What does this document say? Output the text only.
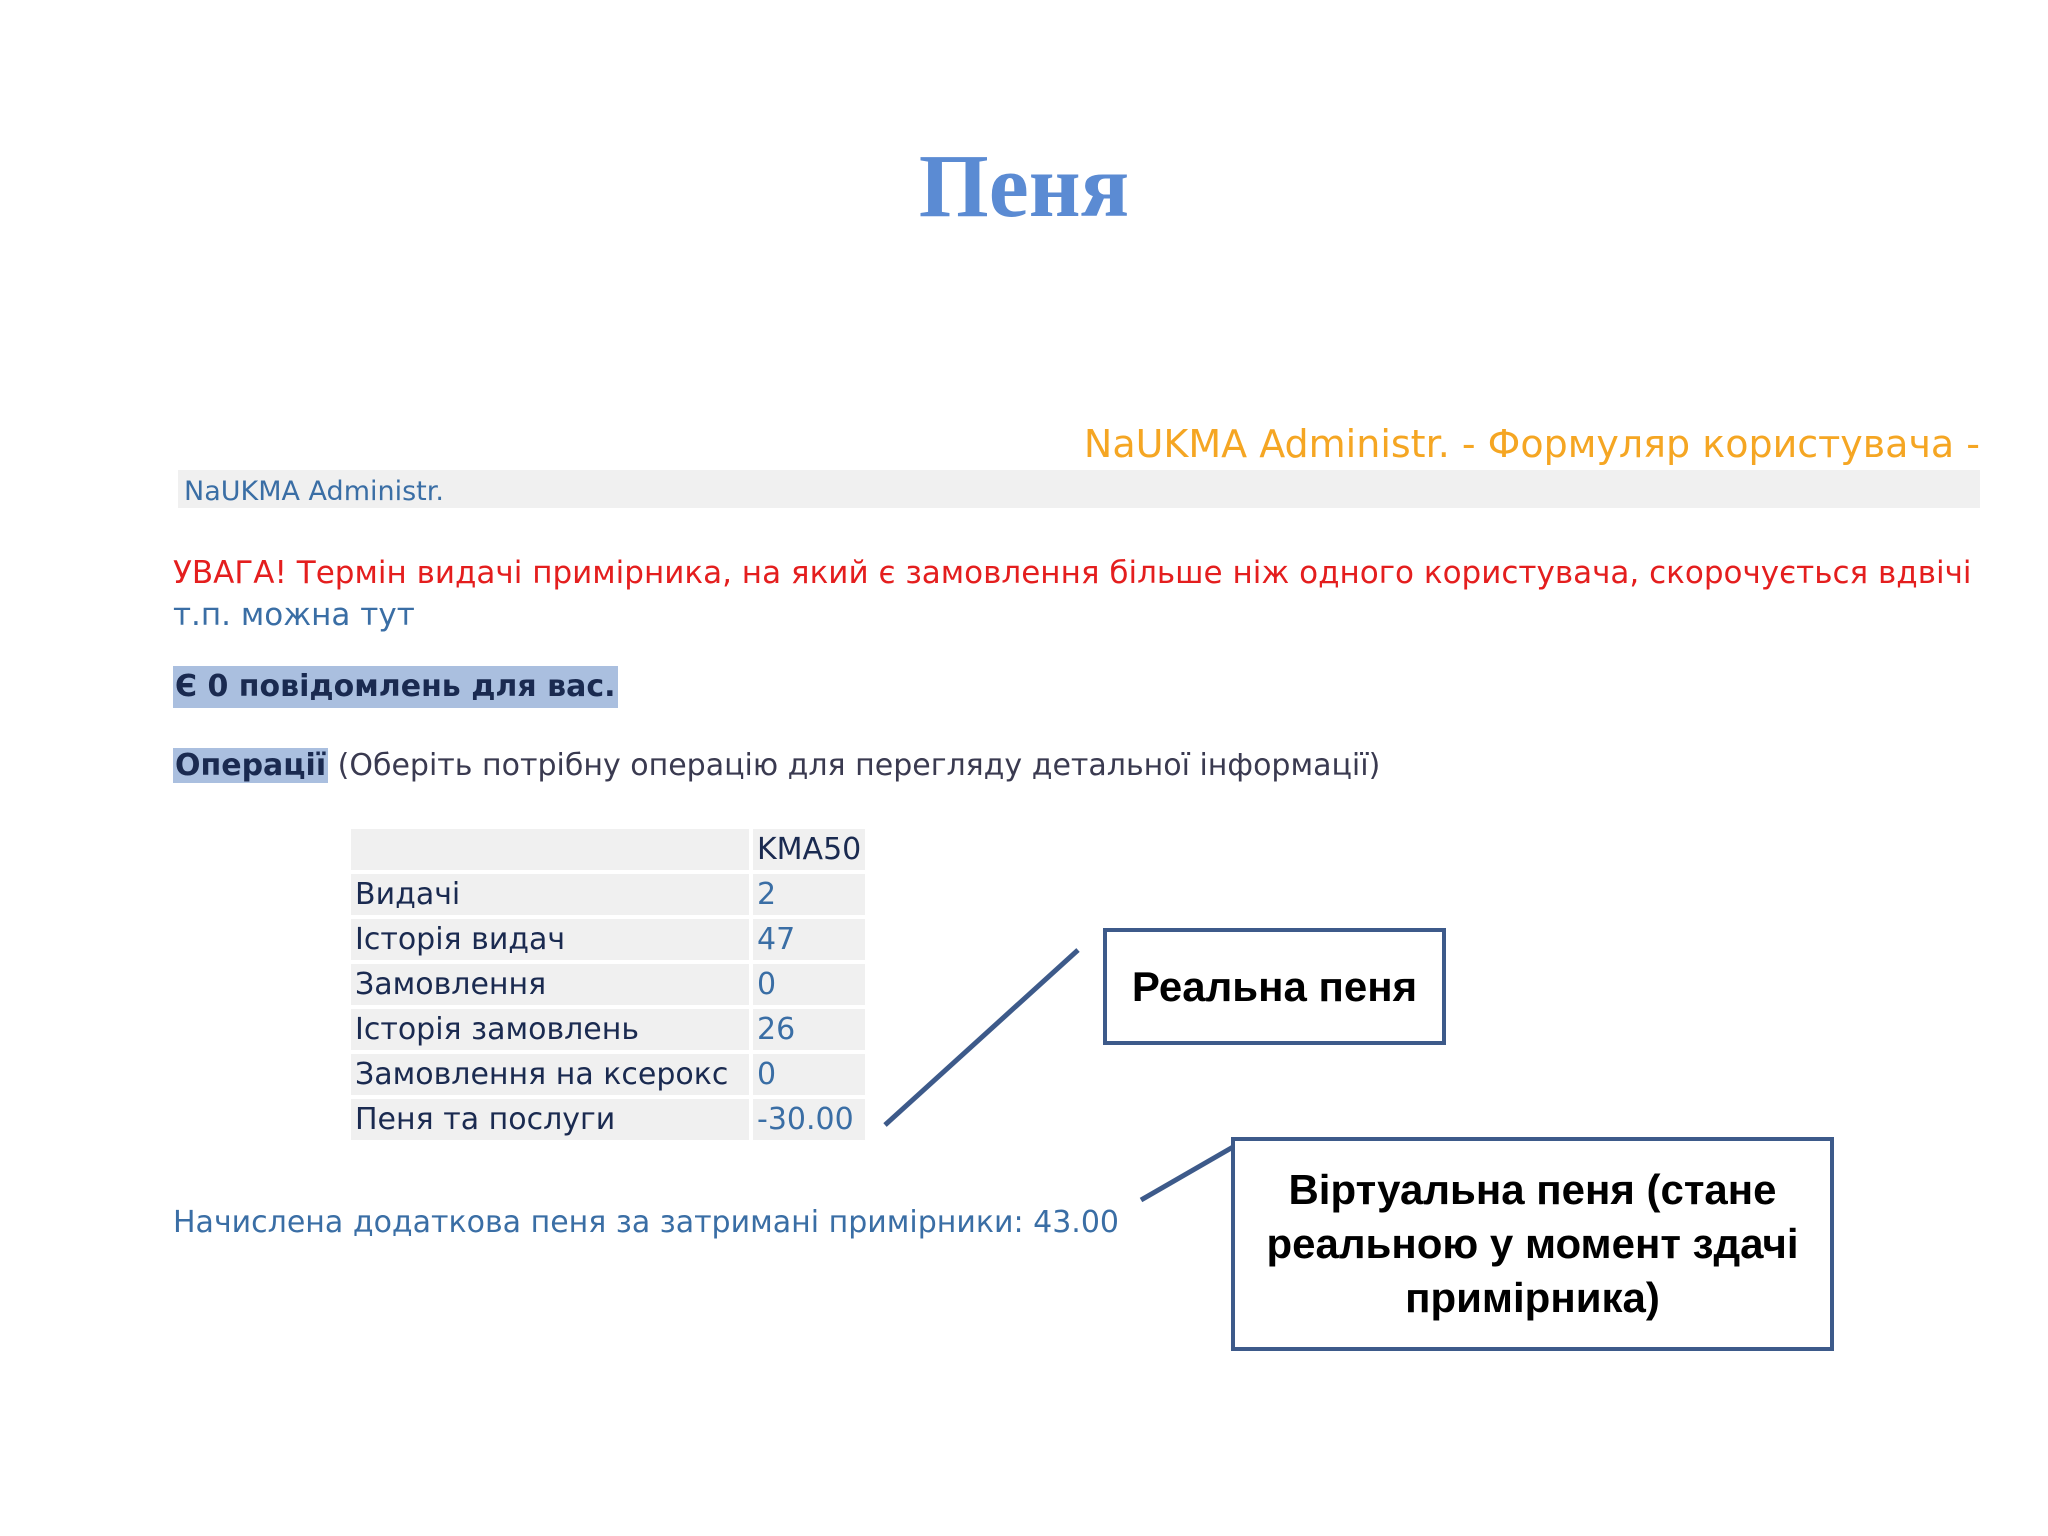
Пеня
NaUKMA Administr. - Формуляр користувача -
NaUKMA Administr.
УВАГА! Термін видачі примірника, на який є замовлення більше ніж одного користувача, скорочується вдвічі
т.п. можна тут
Є 0 повідомлень для вас.
Операції (Оберіть потрібну операцію для перегляду детальної інформації)
	KMA50
Видачі	2
Історія видач	47
Замовлення	0
Історія замовлень	26
Замовлення на ксерокс	0
Пеня та послуги	-30.00
Начислена додаткова пеня за затримані примірники: 43.00
Реальна пеня
Віртуальна пеня (стане реальною у момент здачі примірника)
